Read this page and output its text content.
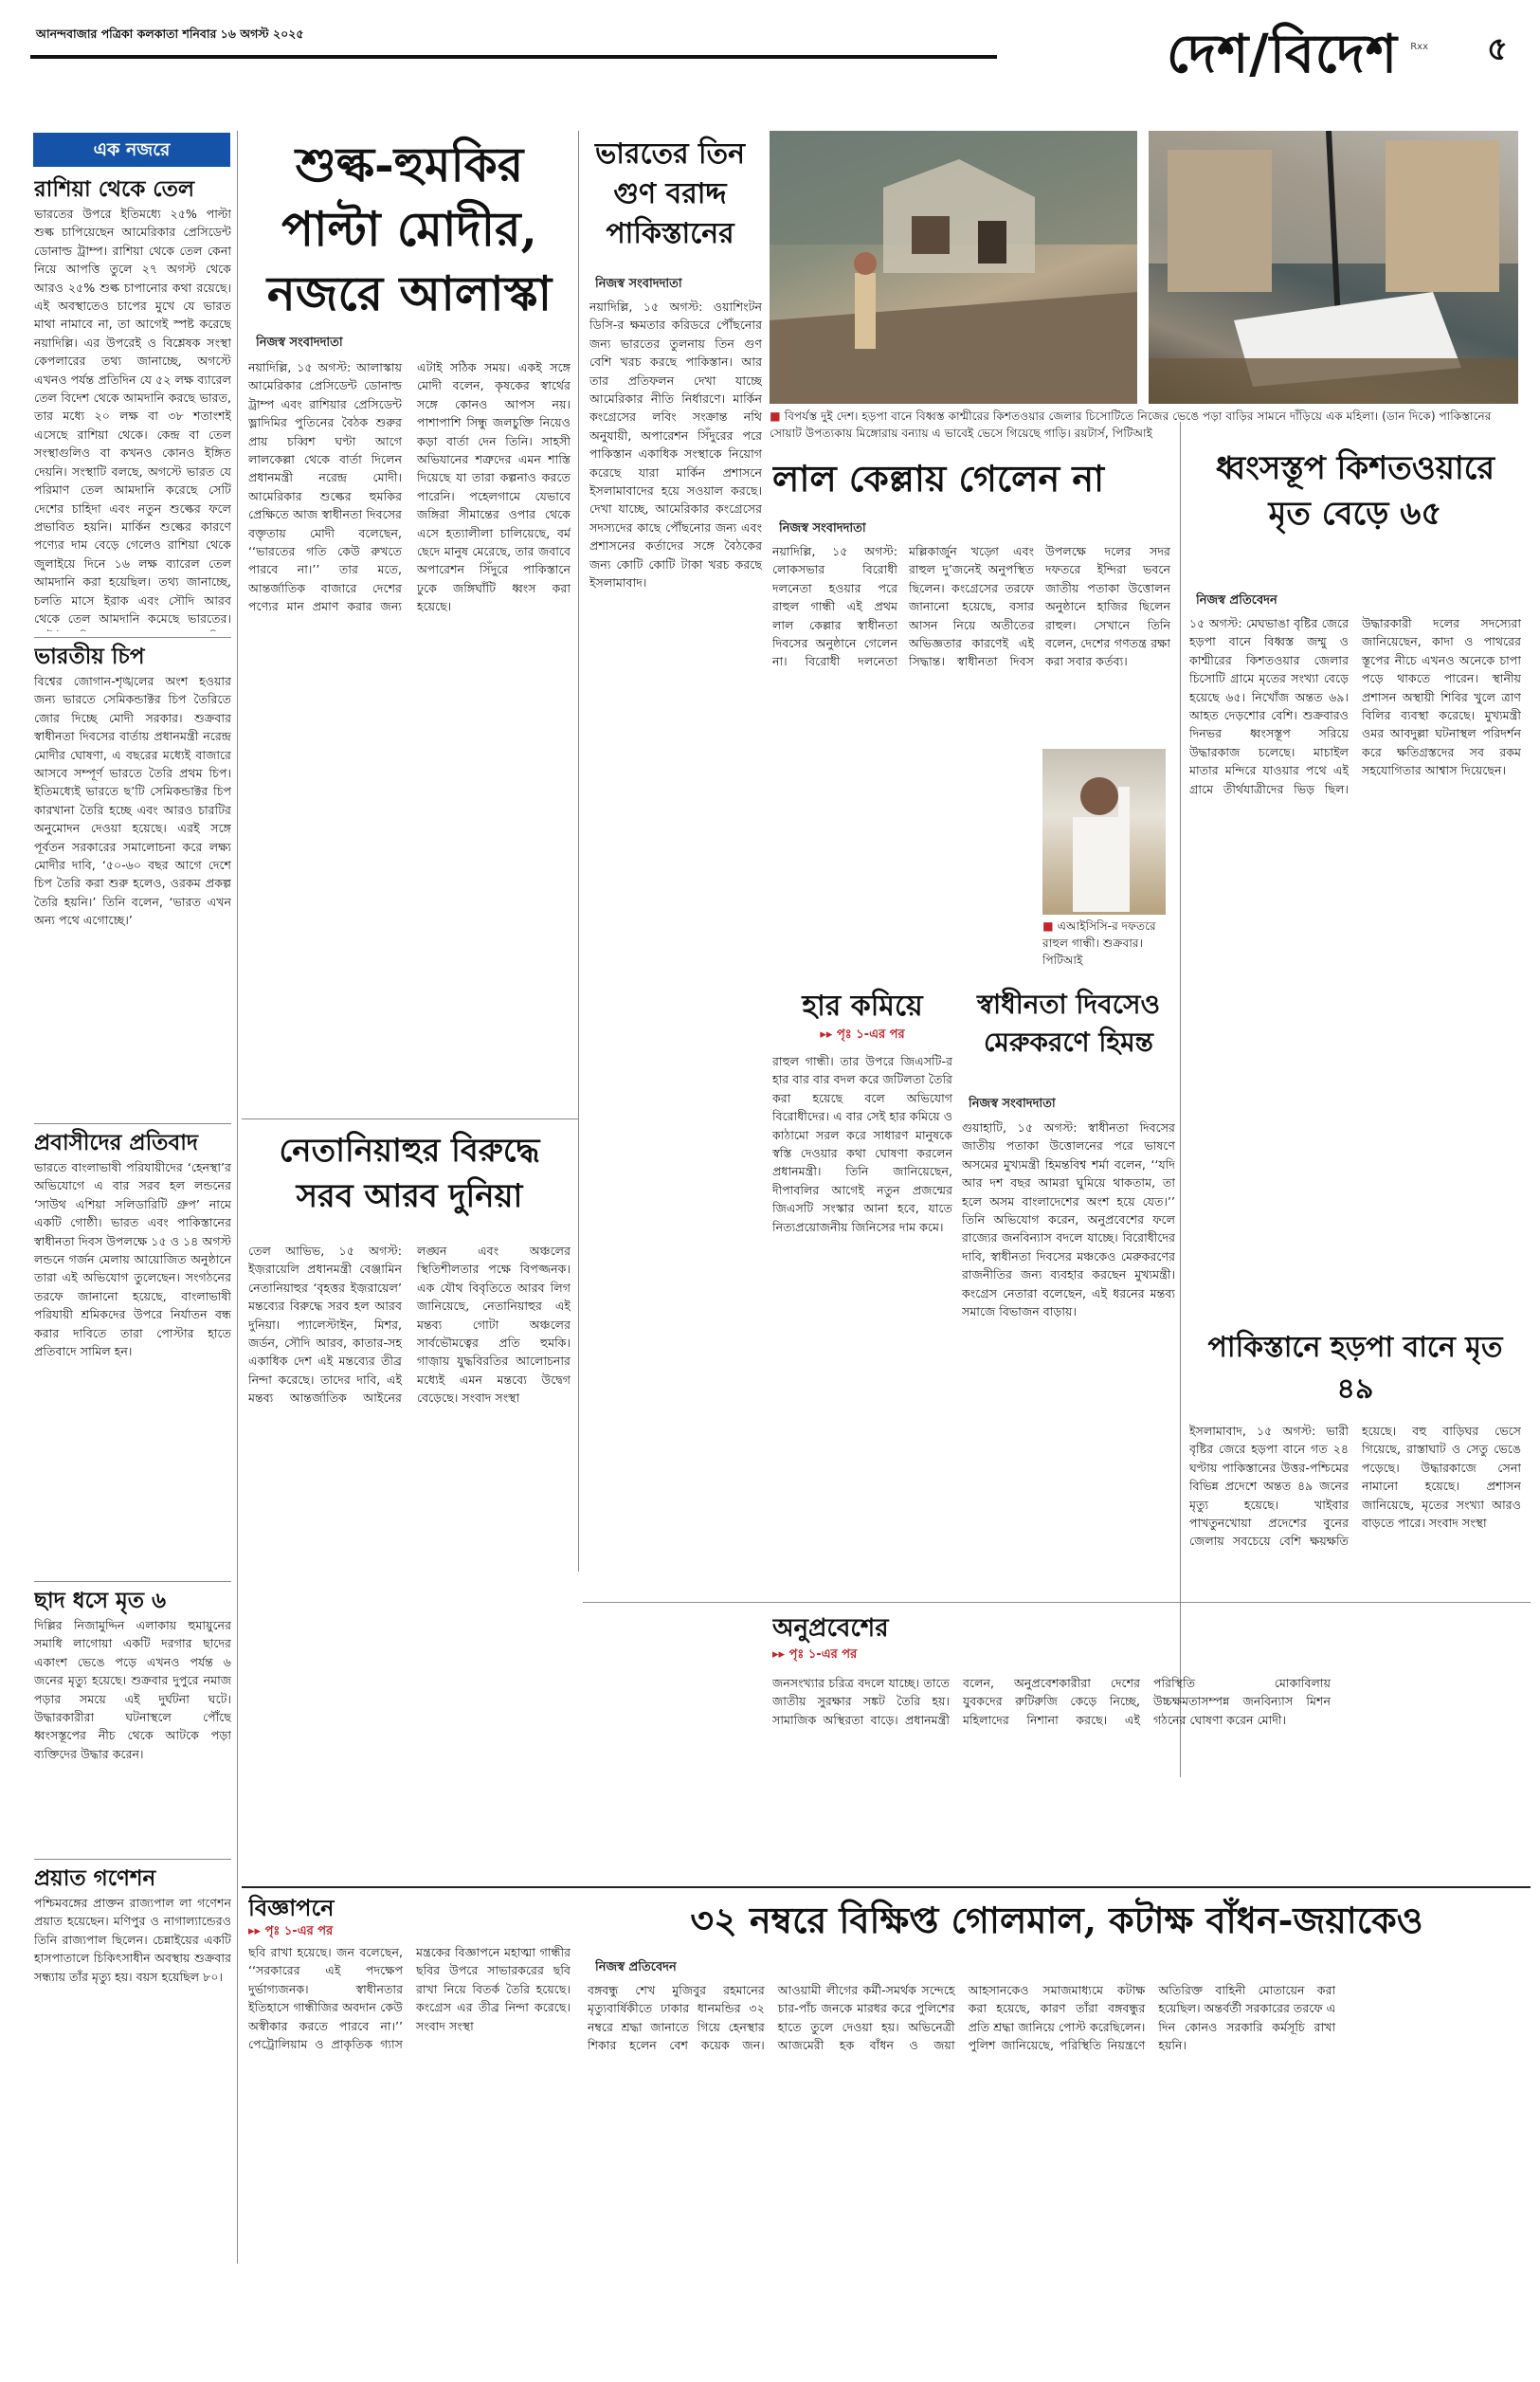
আনন্দবাজার পত্রিকা কলকাতা শনিবার ১৬ অগস্ট ২০২৫	দেশ/বিদেশ	৫
Rxx
এক নজরে
রাশিয়া থেকে তেল
ভারতের উপরে ইতিমধ্যে ২৫% পাল্টা শুল্ক চাপিয়েছেন আমেরিকার প্রেসিডেন্ট ডোনাল্ড ট্রাম্প। রাশিয়া থেকে তেল কেনা নিয়ে আপত্তি তুলে ২৭ অগস্ট থেকে আরও ২৫% শুল্ক চাপানোর কথা রয়েছে। এই অবস্থাতেও চাপের মুখে যে ভারত মাথা নামাবে না, তা আগেই স্পষ্ট করেছে নয়াদিল্লি। এর উপরেই ও বিশ্লেষক সংস্থা কেপলারের তথ্য জানাচ্ছে, অগস্টে এখনও পর্যন্ত প্রতিদিন যে ৫২ লক্ষ ব্যারেল তেল বিদেশ থেকে আমদানি করছে ভারত, তার মধ্যে ২০ লক্ষ বা ৩৮ শতাংশই এসেছে রাশিয়া থেকে। কেন্দ্র বা তেল সংস্থাগুলিও বা কখনও কোনও ইঙ্গিত দেয়নি। সংস্থাটি বলছে, অগস্টে ভারত যে পরিমাণ তেল আমদানি করেছে সেটি দেশের চাহিদা এবং নতুন শুল্কের ফলে প্রভাবিত হয়নি। মার্কিন শুল্কের কারণে পণ্যের দাম বেড়ে গেলেও রাশিয়া থেকে জুলাইয়ে দিনে ১৬ লক্ষ ব্যারেল তেল আমদানি করা হয়েছিল। তথ্য জানাচ্ছে, চলতি মাসে ইরাক এবং সৌদি আরব থেকে তেল আমদানি কমেছে ভারতের।
ভারতীয় চিপ
বিশ্বের জোগান-শৃঙ্খলের অংশ হওয়ার জন্য ভারতে সেমিকন্ডাক্টর চিপ তৈরিতে জোর দিচ্ছে মোদী সরকার। শুক্রবার স্বাধীনতা দিবসের বার্তায় প্রধানমন্ত্রী নরেন্দ্র মোদীর ঘোষণা, এ বছরের মধ্যেই বাজারে আসবে সম্পূর্ণ ভারতে তৈরি প্রথম চিপ। ইতিমধ্যেই ভারতে ছ’টি সেমিকন্ডাক্টর চিপ কারখানা তৈরি হচ্ছে এবং আরও চারটির অনুমোদন দেওয়া হয়েছে। এরই সঙ্গে পূর্বতন সরকারের সমালোচনা করে লক্ষ্য মোদীর দাবি, ‘৫০-৬০ বছর আগে দেশে চিপ তৈরি করা শুরু হলেও, ওরকম প্রকল্প তৈরি হয়নি।’ তিনি বলেন, ‘ভারত এখন অন্য পথে এগোচ্ছে।’
প্রবাসীদের প্রতিবাদ
ভারতে বাংলাভাষী পরিযায়ীদের ‘হেনস্থা’র অভিযোগে এ বার সরব হল লন্ডনের ‘সাউথ এশিয়া সলিডারিটি গ্রুপ’ নামে একটি গোষ্ঠী। ভারত এবং পাকিস্তানের স্বাধীনতা দিবস উপলক্ষে ১৫ ও ১৪ অগস্ট লন্ডনে গর্জন মেলায় আয়োজিত অনুষ্ঠানে তারা এই অভিযোগ তুলেছেন। সংগঠনের তরফে জানানো হয়েছে, বাংলাভাষী পরিযায়ী শ্রমিকদের উপরে নির্যাতন বন্ধ করার দাবিতে তারা পোস্টার হাতে প্রতিবাদে সামিল হন।
ছাদ ধসে মৃত ৬
দিল্লির নিজামুদ্দিন এলাকায় হুমায়ুনের সমাধি লাগোয়া একটি দরগার ছাদের একাংশ ভেঙে পড়ে এখনও পর্যন্ত ৬ জনের মৃত্যু হয়েছে। শুক্রবার দুপুরে নমাজ পড়ার সময়ে এই দুর্ঘটনা ঘটে। উদ্ধারকারীরা ঘটনাস্থলে পৌঁছে ধ্বংসস্তূপের নীচ থেকে আটকে পড়া ব্যক্তিদের উদ্ধার করেন।
প্রয়াত গণেশন
পশ্চিমবঙ্গের প্রাক্তন রাজ্যপাল লা গণেশন প্রয়াত হয়েছেন। মণিপুর ও নাগাল্যান্ডেরও তিনি রাজ্যপাল ছিলেন। চেন্নাইয়ের একটি হাসপাতালে চিকিৎসাধীন অবস্থায় শুক্রবার সন্ধ্যায় তাঁর মৃত্যু হয়। বয়স হয়েছিল ৮০।
শুল্ক-হুমকির পাল্টা মোদীর, নজরে আলাস্কা
নিজস্ব সংবাদদাতা
নয়াদিল্লি, ১৫ অগস্ট: আলাস্কায় আমেরিকার প্রেসিডেন্ট ডোনাল্ড ট্রাম্প এবং রাশিয়ার প্রেসিডেন্ট ভ্লাদিমির পুতিনের বৈঠক শুরুর প্রায় চব্বিশ ঘণ্টা আগে লালকেল্লা থেকে বার্তা দিলেন প্রধানমন্ত্রী নরেন্দ্র মোদী। আমেরিকার শুল্কের হুমকির প্রেক্ষিতে আজ স্বাধীনতা দিবসের বক্তৃতায় মোদী বলেছেন, ‘‘ভারতের গতি কেউ রুখতে পারবে না।’’ তার মতে, আন্তর্জাতিক বাজারে দেশের পণ্যের মান প্রমাণ করার জন্য এটাই সঠিক সময়। একই সঙ্গে মোদী বলেন, কৃষকের স্বার্থের সঙ্গে কোনও আপস নয়। পাশাপাশি সিন্ধু জলচুক্তি নিয়েও কড়া বার্তা দেন তিনি। সাহসী অভিযানের শত্রুদের এমন শাস্তি দিয়েছে যা তারা কল্পনাও করতে পারেনি। পহেলগামে যেভাবে জঙ্গিরা সীমান্তের ওপার থেকে এসে হত্যালীলা চালিয়েছে, বর্ম ছেদে মানুষ মেরেছে, তার জবাবে অপারেশন সিঁদুরে পাকিস্তানে ঢুকে জঙ্গিঘাঁটি ধ্বংস করা হয়েছে।
নেতানিয়াহুর বিরুদ্ধে সরব আরব দুনিয়া
তেল আভিভ, ১৫ অগস্ট: ইজ়রায়েলি প্রধানমন্ত্রী বেঞ্জামিন নেতানিয়াহুর ‘বৃহত্তর ইজ়রায়েল’ মন্তব্যের বিরুদ্ধে সরব হল আরব দুনিয়া। প্যালেস্টাইন, মিশর, জর্ডন, সৌদি আরব, কাতার-সহ একাধিক দেশ এই মন্তব্যের তীব্র নিন্দা করেছে। তাদের দাবি, এই মন্তব্য আন্তর্জাতিক আইনের লঙ্ঘন এবং অঞ্চলের স্থিতিশীলতার পক্ষে বিপজ্জনক। এক যৌথ বিবৃতিতে আরব লিগ জানিয়েছে, নেতানিয়াহুর এই মন্তব্য গোটা অঞ্চলের সার্বভৌমত্বের প্রতি হুমকি। গাজ়ায় যুদ্ধবিরতির আলোচনার মধ্যেই এমন মন্তব্যে উদ্বেগ বেড়েছে। সংবাদ সংস্থা
ভারতের তিন গুণ বরাদ্দ পাকিস্তানের
নিজস্ব সংবাদদাতা
নয়াদিল্লি, ১৫ অগস্ট: ওয়াশিংটন ডিসি-র ক্ষমতার করিডরে পৌঁছনোর জন্য ভারতের তুলনায় তিন গুণ বেশি খরচ করছে পাকিস্তান। আর তার প্রতিফলন দেখা যাচ্ছে আমেরিকার নীতি নির্ধারণে। মার্কিন কংগ্রেসের লবিং সংক্রান্ত নথি অনুযায়ী, অপারেশন সিঁদুরের পরে পাকিস্তান একাধিক সংস্থাকে নিয়োগ করেছে যারা মার্কিন প্রশাসনে ইসলামাবাদের হয়ে সওয়াল করছে। দেখা যাচ্ছে, আমেরিকার কংগ্রেসের সদস্যদের কাছে পৌঁছনোর জন্য এবং প্রশাসনের কর্তাদের সঙ্গে বৈঠকের জন্য কোটি কোটি টাকা খরচ করছে ইসলামাবাদ।
■ বিপর্যস্ত দুই দেশ। হড়পা বানে বিধ্বস্ত কাশ্মীরের কিশতওয়ার জেলার চিসোটিতে নিজের ভেঙে পড়া বাড়ির সামনে দাঁড়িয়ে এক মহিলা। (ডান দিকে) পাকিস্তানের সোয়াট উপত্যকায় মিঙ্গোরায় বন্যায় এ ভাবেই ভেসে গিয়েছে গাড়ি। রয়টার্স, পিটিআই
লাল কেল্লায় গেলেন না
নিজস্ব সংবাদদাতা
নয়াদিল্লি, ১৫ অগস্ট: লোকসভার বিরোধী দলনেতা হওয়ার পরে রাহুল গান্ধী এই প্রথম লাল কেল্লার স্বাধীনতা দিবসের অনুষ্ঠানে গেলেন না। বিরোধী দলনেতা মল্লিকার্জুন খড়্গে এবং রাহুল দু’জনেই অনুপস্থিত ছিলেন। কংগ্রেসের তরফে জানানো হয়েছে, বসার আসন নিয়ে অতীতের অভিজ্ঞতার কারণেই এই সিদ্ধান্ত। স্বাধীনতা দিবস উপলক্ষে দলের সদর দফতরে ইন্দিরা ভবনে জাতীয় পতাকা উত্তোলন অনুষ্ঠানে হাজির ছিলেন রাহুল। সেখানে তিনি বলেন, দেশের গণতন্ত্র রক্ষা করা সবার কর্তব্য।
■ এআইসিসি-র দফতরে রাহুল গান্ধী। শুক্রবার। পিটিআই
ধ্বংসস্তূপ কিশতওয়ারে মৃত বেড়ে ৬৫
নিজস্ব প্রতিবেদন
১৫ অগস্ট: মেঘভাঙা বৃষ্টির জেরে হড়পা বানে বিধ্বস্ত জম্মু ও কাশ্মীরের কিশতওয়ার জেলার চিসোটি গ্রামে মৃতের সংখ্যা বেড়ে হয়েছে ৬৫। নিখোঁজ অন্তত ৬৯। আহত দেড়শোর বেশি। শুক্রবারও দিনভর ধ্বংসস্তূপ সরিয়ে উদ্ধারকাজ চলেছে। মাচাইল মাতার মন্দিরে যাওয়ার পথে এই গ্রামে তীর্থযাত্রীদের ভিড় ছিল। উদ্ধারকারী দলের সদস্যেরা জানিয়েছেন, কাদা ও পাথরের স্তূপের নীচে এখনও অনেকে চাপা পড়ে থাকতে পারেন। স্থানীয় প্রশাসন অস্থায়ী শিবির খুলে ত্রাণ বিলির ব্যবস্থা করেছে। মুখ্যমন্ত্রী ওমর আবদুল্লা ঘটনাস্থল পরিদর্শন করে ক্ষতিগ্রস্তদের সব রকম সহযোগিতার আশ্বাস দিয়েছেন।
পাকিস্তানে হড়পা বানে মৃত ৪৯
ইসলামাবাদ, ১৫ অগস্ট: ভারী বৃষ্টির জেরে হড়পা বানে গত ২৪ ঘণ্টায় পাকিস্তানের উত্তর-পশ্চিমের বিভিন্ন প্রদেশে অন্তত ৪৯ জনের মৃত্যু হয়েছে। খাইবার পাখতুনখোয়া প্রদেশের বুনের জেলায় সবচেয়ে বেশি ক্ষয়ক্ষতি হয়েছে। বহু বাড়িঘর ভেসে গিয়েছে, রাস্তাঘাট ও সেতু ভেঙে পড়েছে। উদ্ধারকাজে সেনা নামানো হয়েছে। প্রশাসন জানিয়েছে, মৃতের সংখ্যা আরও বাড়তে পারে। সংবাদ সংস্থা
হার কমিয়ে
▸▸ পৃঃ ১-এর পর
রাহুল গান্ধী। তার উপরে জিএসটি-র হার বার বার বদল করে জটিলতা তৈরি করা হয়েছে বলে অভিযোগ বিরোধীদের। এ বার সেই হার কমিয়ে ও কাঠামো সরল করে সাধারণ মানুষকে স্বস্তি দেওয়ার কথা ঘোষণা করলেন প্রধানমন্ত্রী। তিনি জানিয়েছেন, দীপাবলির আগেই নতুন প্রজন্মের জিএসটি সংস্কার আনা হবে, যাতে নিত্যপ্রয়োজনীয় জিনিসের দাম কমে।
স্বাধীনতা দিবসেও মেরুকরণে হিমন্ত
নিজস্ব সংবাদদাতা
গুয়াহাটি, ১৫ অগস্ট: স্বাধীনতা দিবসের জাতীয় পতাকা উত্তোলনের পরে ভাষণে অসমের মুখ্যমন্ত্রী হিমন্তবিশ্ব শর্মা বলেন, ‘‘যদি আর দশ বছর আমরা ঘুমিয়ে থাকতাম, তা হলে অসম বাংলাদেশের অংশ হয়ে যেত।’’ তিনি অভিযোগ করেন, অনুপ্রবেশের ফলে রাজ্যের জনবিন্যাস বদলে যাচ্ছে। বিরোধীদের দাবি, স্বাধীনতা দিবসের মঞ্চকেও মেরুকরণের রাজনীতির জন্য ব্যবহার করছেন মুখ্যমন্ত্রী। কংগ্রেস নেতারা বলেছেন, এই ধরনের মন্তব্য সমাজে বিভাজন বাড়ায়।
অনুপ্রবেশের
▸▸ পৃঃ ১-এর পর
জনসংখ্যার চরিত্র বদলে যাচ্ছে। তাতে জাতীয় সুরক্ষার সঙ্কট তৈরি হয়। সামাজিক অস্থিরতা বাড়ে। প্রধানমন্ত্রী বলেন, অনুপ্রবেশকারীরা দেশের যুবকদের রুটিরুজি কেড়ে নিচ্ছে, মহিলাদের নিশানা করছে। এই পরিস্থিতি মোকাবিলায় উচ্চক্ষমতাসম্পন্ন জনবিন্যাস মিশন গঠনের ঘোষণা করেন মোদী।
বিজ্ঞাপনে
▸▸ পৃঃ ১-এর পর
ছবি রাখা হয়েছে। জন বলেছেন, ‘‘সরকারের এই পদক্ষেপ দুর্ভাগ্যজনক। স্বাধীনতার ইতিহাসে গান্ধীজির অবদান কেউ অস্বীকার করতে পারবে না।’’ পেট্রোলিয়াম ও প্রাকৃতিক গ্যাস মন্ত্রকের বিজ্ঞাপনে মহাত্মা গান্ধীর ছবির উপরে সাভারকরের ছবি রাখা নিয়ে বিতর্ক তৈরি হয়েছে। কংগ্রেস এর তীব্র নিন্দা করেছে। সংবাদ সংস্থা
৩২ নম্বরে বিক্ষিপ্ত গোলমাল, কটাক্ষ বাঁধন-জয়াকেও
নিজস্ব প্রতিবেদন
বঙ্গবন্ধু শেখ মুজিবুর রহমানের মৃত্যুবার্ষিকীতে ঢাকার ধানমন্ডির ৩২ নম্বরে শ্রদ্ধা জানাতে গিয়ে হেনস্থার শিকার হলেন বেশ কয়েক জন। আওয়ামী লীগের কর্মী-সমর্থক সন্দেহে চার-পাঁচ জনকে মারধর করে পুলিশের হাতে তুলে দেওয়া হয়। অভিনেত্রী আজমেরী হক বাঁধন ও জয়া আহসানকেও সমাজমাধ্যমে কটাক্ষ করা হয়েছে, কারণ তাঁরা বঙ্গবন্ধুর প্রতি শ্রদ্ধা জানিয়ে পোস্ট করেছিলেন। পুলিশ জানিয়েছে, পরিস্থিতি নিয়ন্ত্রণে অতিরিক্ত বাহিনী মোতায়েন করা হয়েছিল। অন্তর্বর্তী সরকারের তরফে এ দিন কোনও সরকারি কর্মসূচি রাখা হয়নি।
